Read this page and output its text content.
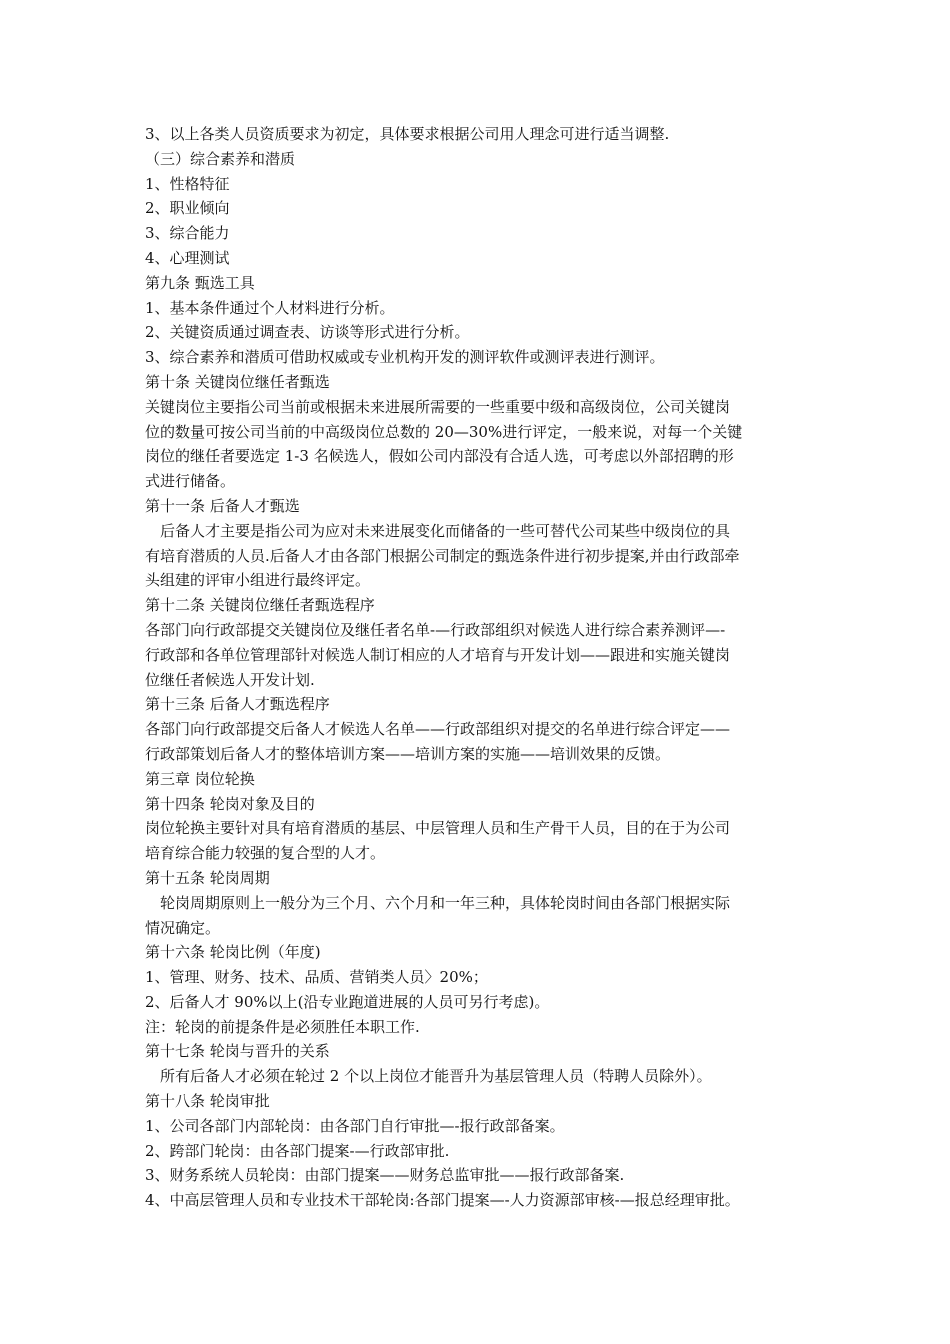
3、以上各类人员资质要求为初定，具体要求根据公司用人理念可进行适当调整.
（三）综合素养和潜质
1、性格特征
2、职业倾向
3、综合能力
4、心理测试
第九条 甄选工具
1、基本条件通过个人材料进行分析。
2、关键资质通过调查表、访谈等形式进行分析。
3、综合素养和潜质可借助权威或专业机构开发的测评软件或测评表进行测评。
第十条 关键岗位继任者甄选
关键岗位主要指公司当前或根据未来进展所需要的一些重要中级和高级岗位，公司关键岗
位的数量可按公司当前的中高级岗位总数的 20—30%进行评定，一般来说，对每一个关键
岗位的继任者要选定 1-3 名候选人，假如公司内部没有合适人选，可考虑以外部招聘的形
式进行储备。
第十一条 后备人才甄选
后备人才主要是指公司为应对未来进展变化而储备的一些可替代公司某些中级岗位的具
有培育潜质的人员.后备人才由各部门根据公司制定的甄选条件进行初步提案,并由行政部牵
头组建的评审小组进行最终评定。
第十二条 关键岗位继任者甄选程序
各部门向行政部提交关键岗位及继任者名单-—行政部组织对候选人进行综合素养测评—-
行政部和各单位管理部针对候选人制订相应的人才培育与开发计划——跟进和实施关键岗
位继任者候选人开发计划.
第十三条 后备人才甄选程序
各部门向行政部提交后备人才候选人名单——行政部组织对提交的名单进行综合评定——
行政部策划后备人才的整体培训方案——培训方案的实施——培训效果的反馈。
第三章 岗位轮换
第十四条 轮岗对象及目的
岗位轮换主要针对具有培育潜质的基层、中层管理人员和生产骨干人员，目的在于为公司
培育综合能力较强的复合型的人才。
第十五条 轮岗周期
轮岗周期原则上一般分为三个月、六个月和一年三种，具体轮岗时间由各部门根据实际
情况确定。
第十六条 轮岗比例（年度)
1、管理、财务、技术、品质、营销类人员〉20%；
2、后备人才 90%以上(沿专业跑道进展的人员可另行考虑)。
注：轮岗的前提条件是必须胜任本职工作.
第十七条 轮岗与晋升的关系
所有后备人才必须在轮过 2 个以上岗位才能晋升为基层管理人员（特聘人员除外）。
第十八条 轮岗审批
1、公司各部门内部轮岗：由各部门自行审批—-报行政部备案。
2、跨部门轮岗：由各部门提案-—行政部审批.
3、财务系统人员轮岗：由部门提案——财务总监审批——报行政部备案.
4、中高层管理人员和专业技术干部轮岗:各部门提案—-人力资源部审核-—报总经理审批。
